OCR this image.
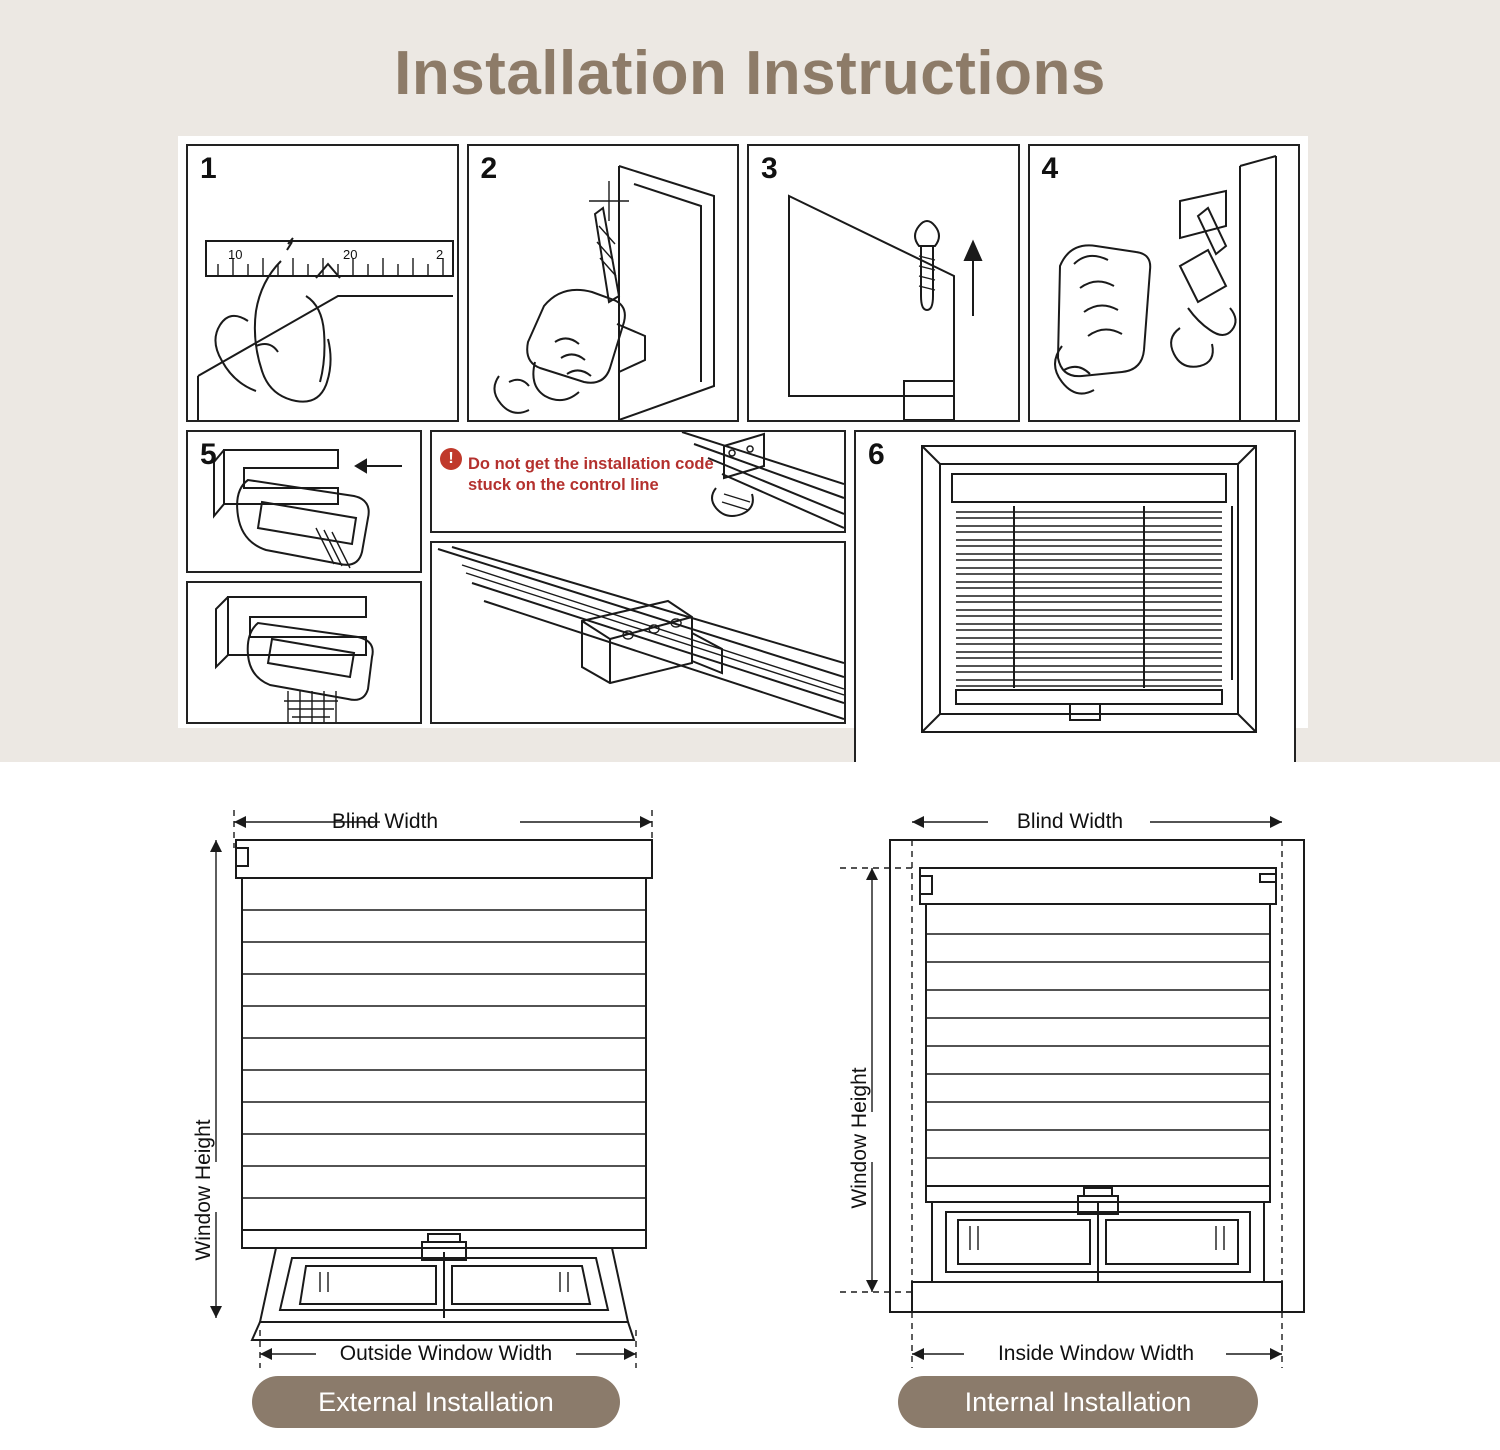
Installation Instructions
1
10	20	2
2	3	4
5	! Do not get the installation code
stuck on the control line
6
Blind Width
Window Height
Outside Window Width
Blind Width
Window Height
Inside Window Width
External Installation	Internal Installation
